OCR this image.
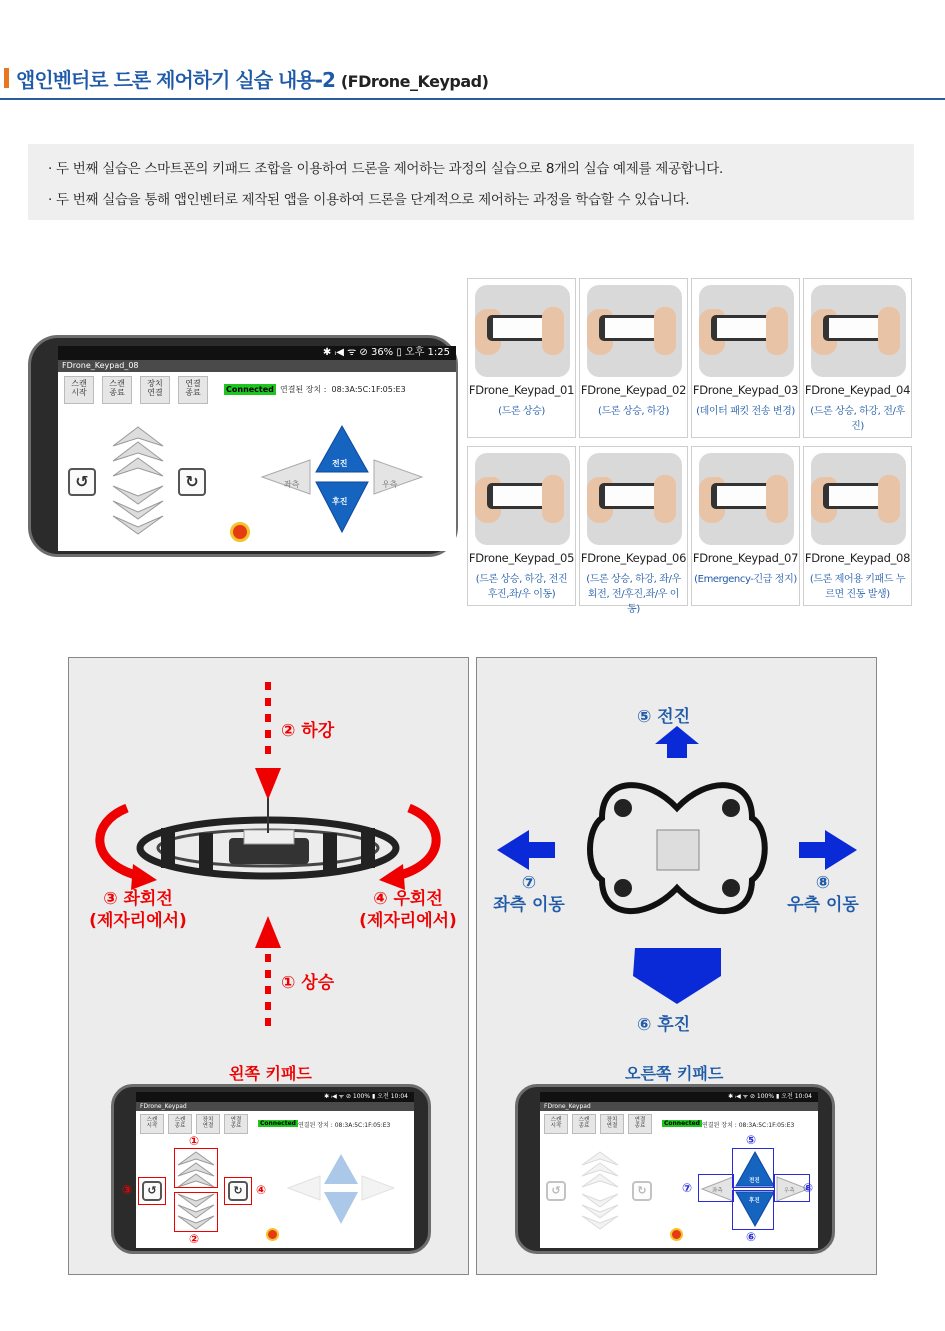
앱인벤터로 드론 제어하기 실습 내용-2 (FDrone_Keypad)

· 두 번째 실습은 스마트폰의 키패드 조합을 이용하여 드론을 제어하는 과정의 실습으로 8개의 실습 예제를 제공합니다.

· 두 번째 실습을 통해 앱인벤터로 제작된 앱을 이용하여 드론을 단계적으로 제어하는 과정을 학습할 수 있습니다.

✱ ᵢ◀ ᯤ ⊘ 36% ▯ 오후 1:25
FDrone_Keypad_08
스캔
시작
스캔
종료
장치
연결
연결
종료	Connected 연결된 장치 : 08:3A:5C:1F:05:E3
↺	↻
전진
후진
좌측	우측
FDrone_Keypad_01
(드론 상승)
FDrone_Keypad_02
(드론 상승, 하강)
FDrone_Keypad_03
(데이터 패킷 전송 변경)
FDrone_Keypad_04
(드론 상승, 하강, 전/후진)
FDrone_Keypad_05
(드론 상승, 하강, 전진 후진,좌/우 이동)
FDrone_Keypad_06
(드론 상승, 하강, 좌/우 회전, 전/후진,좌/우 이동)
FDrone_Keypad_07
(Emergency-긴급 정지)
FDrone_Keypad_08
(드론 제어용 키패드 누르면 진동 발생)
② 하강
① 상승
③ 좌회전
(제자리에서)
④ 우회전
(제자리에서)
왼쪽 키패드
✱ ᵢ◀ ᯤ ⊘ 100% ▮ 오전 10:04
FDrone_Keypad
스캔
시작
스캔
종료
장치
연결
연결
종료	Connected 연결된 장치 : 08:3A:5C:1F:05:E3
↺	↻
①
②
③	④
⑤ 전진
⑥ 후진
⑦
좌측 이동
⑧
우측 이동
오른쪽 키패드
✱ ᵢ◀ ᯤ ⊘ 100% ▮ 오전 10:04
FDrone_Keypad
스캔
시작
스캔
종료
장치
연결
연결
종료	Connected 연결된 장치 : 08:3A:5C:1F:05:E3
↺	↻
전진
후진
좌측	우측
⑤
⑥
⑦	⑧
